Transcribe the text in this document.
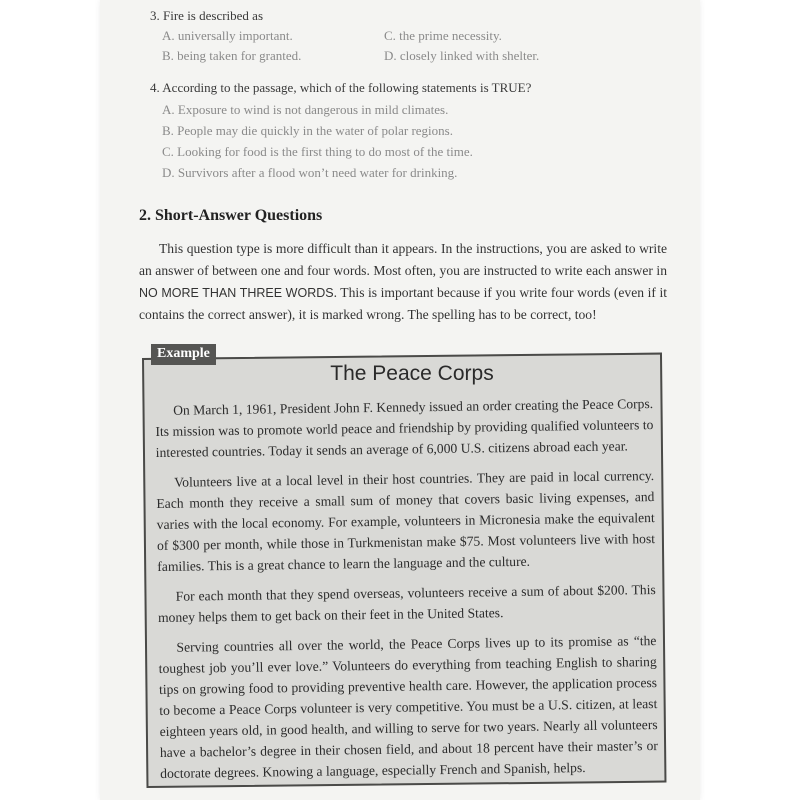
3. Fire is described as
A. universally important.	C. the prime necessity.
B. being taken for granted.	D. closely linked with shelter.
4. According to the passage, which of the following statements is TRUE?
A. Exposure to wind is not dangerous in mild climates.
B. People may die quickly in the water of polar regions.
C. Looking for food is the first thing to do most of the time.
D. Survivors after a flood won’t need water for drinking.
2. Short-Answer Questions
This question type is more difficult than it appears. In the instructions, you are asked to write an answer of between one and four words. Most often, you are instructed to write each answer in NO MORE THAN THREE WORDS. This is important because if you write four words (even if it contains the correct answer), it is marked wrong. The spelling has to be correct, too!
Example
The Peace Corps

On March 1, 1961, President John F. Kennedy issued an order creating the Peace Corps. Its mission was to promote world peace and friendship by providing qualified volunteers to interested countries. Today it sends an average of 6,000 U.S. citizens abroad each year.

Volunteers live at a local level in their host countries. They are paid in local currency. Each month they receive a small sum of money that covers basic living expenses, and varies with the local economy. For example, volunteers in Micronesia make the equivalent of $300 per month, while those in Turkmenistan make $75. Most volunteers live with host families. This is a great chance to learn the language and the culture.

For each month that they spend overseas, volunteers receive a sum of about $200. This money helps them to get back on their feet in the United States.

Serving countries all over the world, the Peace Corps lives up to its promise as “the toughest job you’ll ever love.” Volunteers do everything from teaching English to sharing tips on growing food to providing preventive health care. However, the application process to become a Peace Corps volunteer is very competitive. You must be a U.S. citizen, at least eighteen years old, in good health, and willing to serve for two years. Nearly all volunteers have a bachelor’s degree in their chosen field, and about 18 percent have their master’s or doctorate degrees. Knowing a language, especially French and Spanish, helps.
